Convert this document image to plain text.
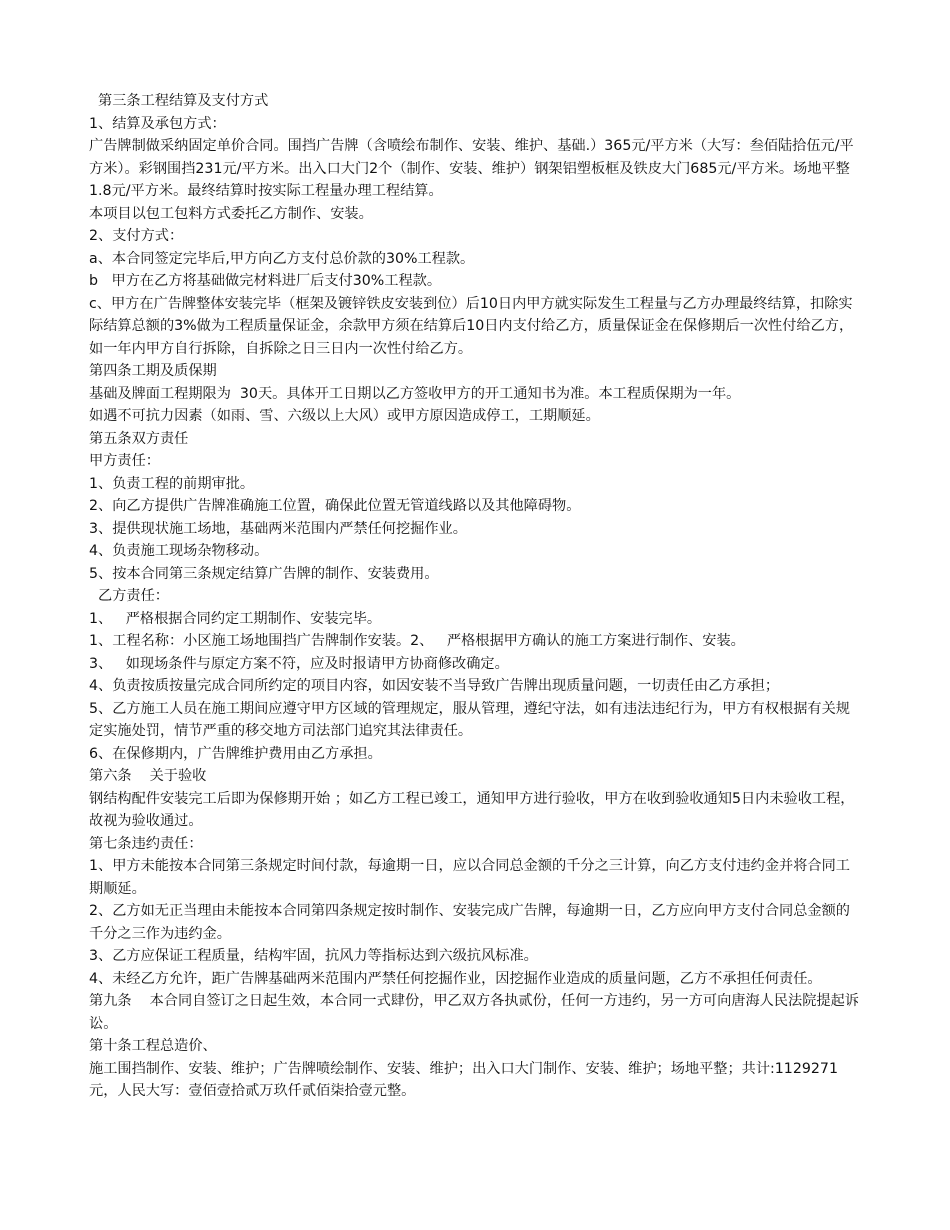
第三条工程结算及支付方式

1、结算及承包方式：

广告牌制做采纳固定单价合同。围挡广告牌（含喷绘布制作、安装、维护、基础.）365元/平方米（大写：叁佰陆拾伍元/平方米）。彩钢围挡231元/平方米。出入口大门2个（制作、安装、维护）钢架铝塑板框及铁皮大门685元/平方米。场地平整1.8元/平方米。最终结算时按实际工程量办理工程结算。

本项目以包工包料方式委托乙方制作、安装。

2、支付方式：

a、本合同签定完毕后,甲方向乙方支付总价款的30%工程款。

b   甲方在乙方将基础做完材料进厂后支付30%工程款。

c、甲方在广告牌整体安装完毕（框架及镀锌铁皮安装到位）后10日内甲方就实际发生工程量与乙方办理最终结算，扣除实际结算总额的3%做为工程质量保证金，余款甲方须在结算后10日内支付给乙方，质量保证金在保修期后一次性付给乙方，如一年内甲方自行拆除，自拆除之日三日内一次性付给乙方。

第四条工期及质保期

基础及牌面工程期限为  30天。具体开工日期以乙方签收甲方的开工通知书为准。本工程质保期为一年。

如遇不可抗力因素（如雨、雪、六级以上大风）或甲方原因造成停工，工期顺延。

第五条双方责任

甲方责任：

1、负责工程的前期审批。

2、向乙方提供广告牌准确施工位置，确保此位置无管道线路以及其他障碍物。

3、提供现状施工场地，基础两米范围内严禁任何挖掘作业。

4、负责施工现场杂物移动。

5、按本合同第三条规定结算广告牌的制作、安装费用。

乙方责任：

1、   严格根据合同约定工期制作、安装完毕。

1、工程名称：小区施工场地围挡广告牌制作安装。2、   严格根据甲方确认的施工方案进行制作、安装。

3、   如现场条件与原定方案不符，应及时报请甲方协商修改确定。

4、负责按质按量完成合同所约定的项目内容，如因安装不当导致广告牌出现质量问题，一切责任由乙方承担；

5、乙方施工人员在施工期间应遵守甲方区域的管理规定，服从管理，遵纪守法，如有违法违纪行为，甲方有权根据有关规定实施处罚，情节严重的移交地方司法部门追究其法律责任。

6、在保修期内，广告牌维护费用由乙方承担。

第六条    关于验收

钢结构配件安装完工后即为保修期开始 ；如乙方工程已竣工，通知甲方进行验收，甲方在收到验收通知5日内未验收工程，故视为验收通过。

第七条违约责任：

1、甲方未能按本合同第三条规定时间付款，每逾期一日，应以合同总金额的千分之三计算，向乙方支付违约金并将合同工期顺延。

2、乙方如无正当理由未能按本合同第四条规定按时制作、安装完成广告牌，每逾期一日，乙方应向甲方支付合同总金额的千分之三作为违约金。

3、乙方应保证工程质量，结构牢固，抗风力等指标达到六级抗风标准。

4、未经乙方允许，距广告牌基础两米范围内严禁任何挖掘作业，因挖掘作业造成的质量问题，乙方不承担任何责任。

第九条    本合同自签订之日起生效，本合同一式肆份，甲乙双方各执贰份，任何一方违约，另一方可向唐海人民法院提起诉讼。

第十条工程总造价、

施工围挡制作、安装、维护；广告牌喷绘制作、安装、维护；出入口大门制作、安装、维护；场地平整；共计:1129271元，人民大写：壹佰壹拾贰万玖仟贰佰柒拾壹元整。
